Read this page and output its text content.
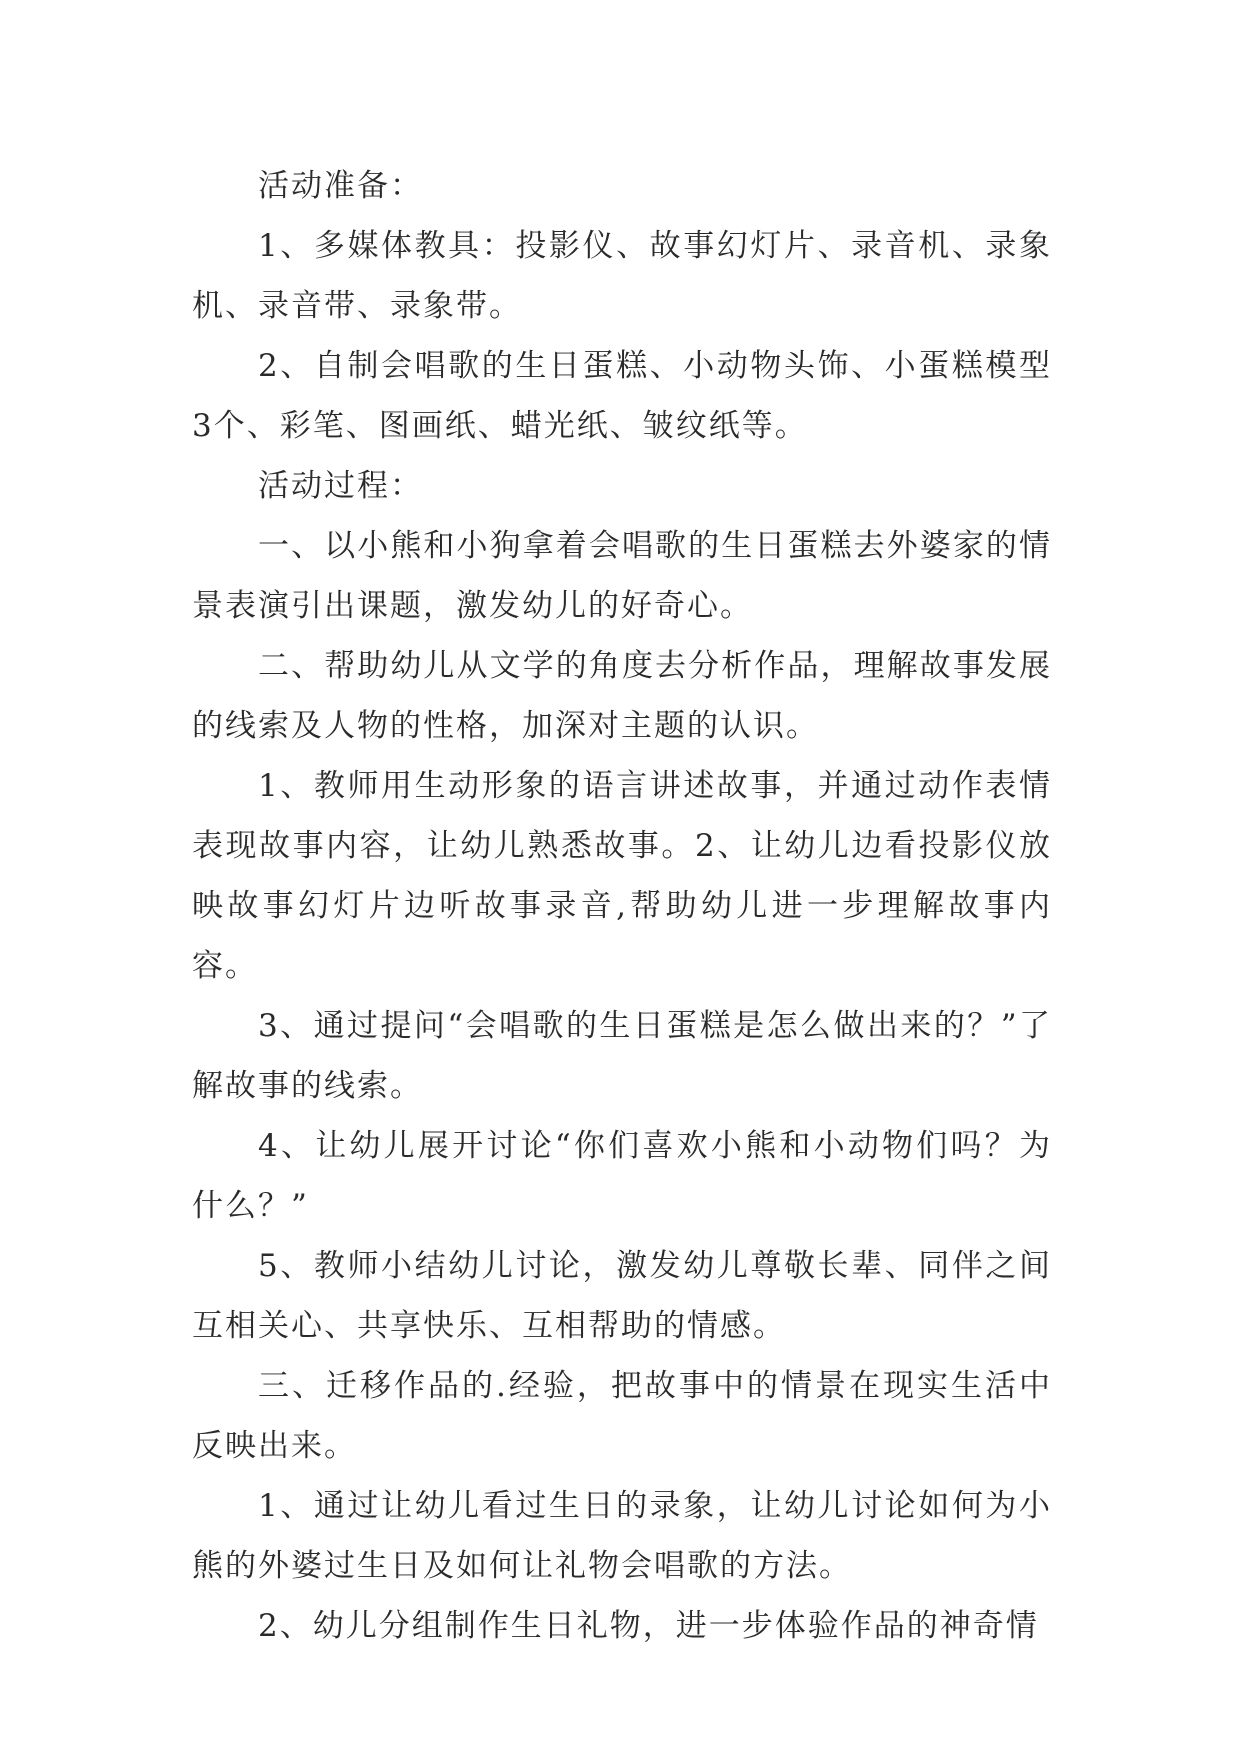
活动准备：

1、多媒体教具：投影仪、故事幻灯片、录音机、录象机、录音带、录象带。

2、自制会唱歌的生日蛋糕、小动物头饰、小蛋糕模型3个、彩笔、图画纸、蜡光纸、皱纹纸等。

活动过程：

一、以小熊和小狗拿着会唱歌的生日蛋糕去外婆家的情景表演引出课题，激发幼儿的好奇心。

二、帮助幼儿从文学的角度去分析作品，理解故事发展的线索及人物的性格，加深对主题的认识。

1、教师用生动形象的语言讲述故事，并通过动作表情表现故事内容，让幼儿熟悉故事。2、让幼儿边看投影仪放映故事幻灯片边听故事录音,帮助幼儿进一步理解故事内容。

3、通过提问“会唱歌的生日蛋糕是怎么做出来的？”了解故事的线索。

4、让幼儿展开讨论“你们喜欢小熊和小动物们吗？为什么？”

5、教师小结幼儿讨论，激发幼儿尊敬长辈、同伴之间互相关心、共享快乐、互相帮助的情感。

三、迁移作品的.经验，把故事中的情景在现实生活中反映出来。

1、通过让幼儿看过生日的录象，让幼儿讨论如何为小熊的外婆过生日及如何让礼物会唱歌的方法。

2、幼儿分组制作生日礼物，进一步体验作品的神奇情
